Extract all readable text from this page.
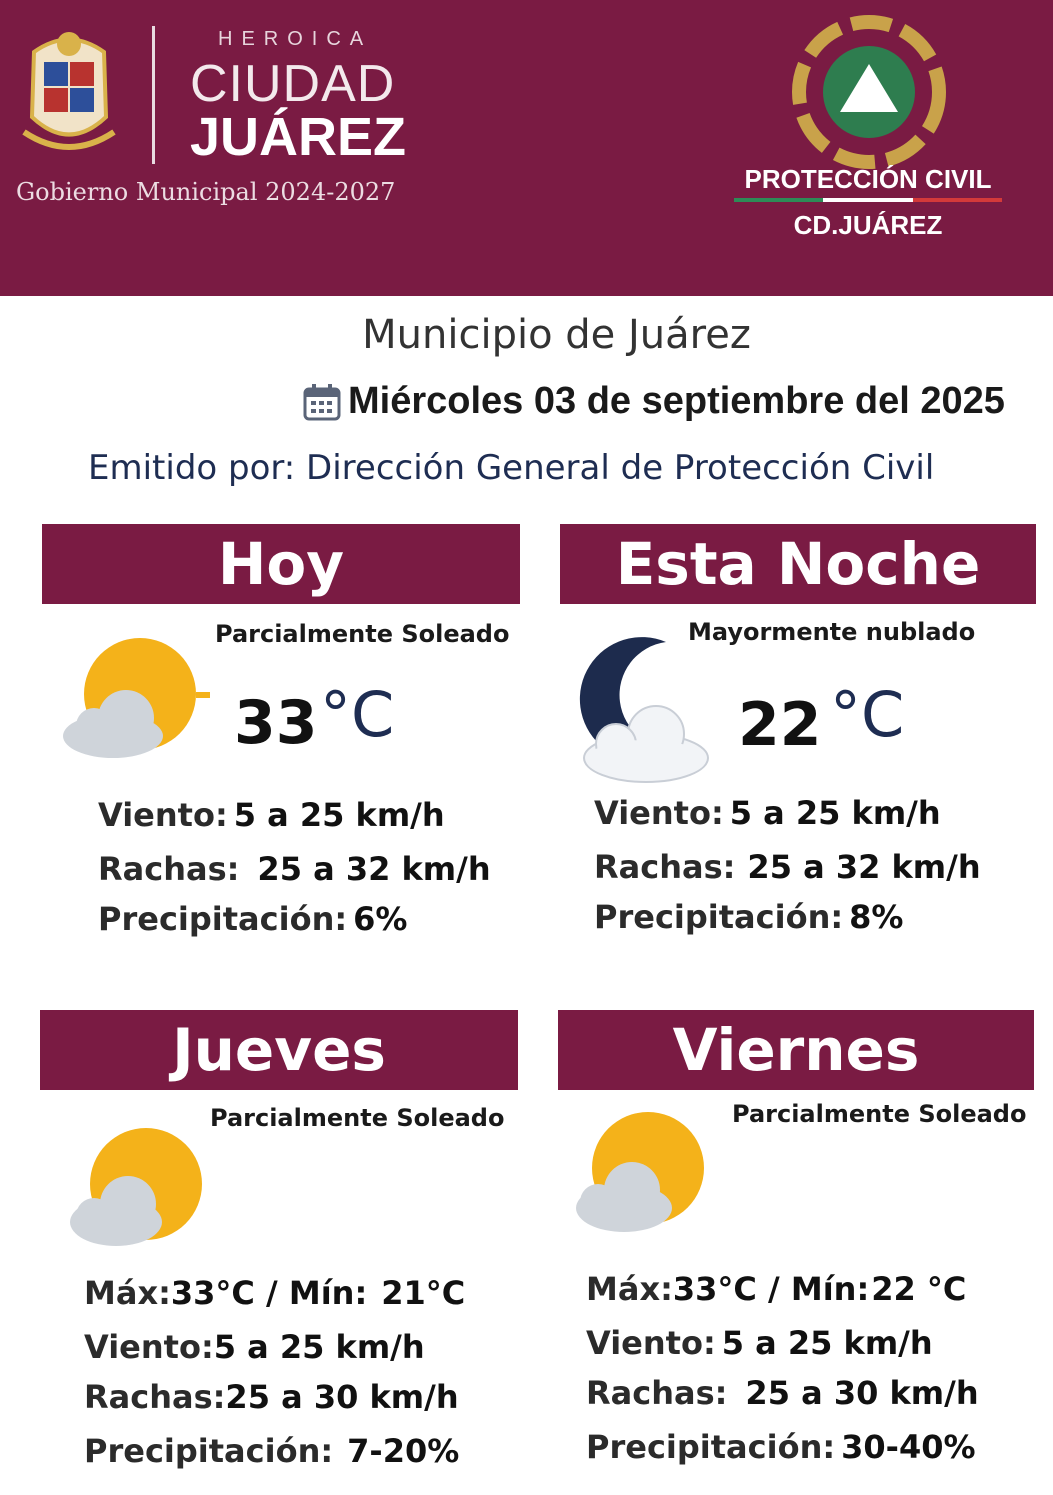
HEROICA
CIUDAD
JUÁREZ
Gobierno Municipal 2024-2027	PROTECCIÓN CIVIL
CD.JUÁREZ
Municipio de Juárez
Miércoles 03 de septiembre del 2025
Emitido por: Dirección General de Protección Civil
Hoy
Parcialmente Soleado
33 °C
Viento: 5 a 25 km/h
Rachas: 25 a 32 km/h
Precipitación: 6%
Esta Noche
Mayormente nublado
22 °C
Viento: 5 a 25 km/h
Rachas: 25 a 32 km/h
Precipitación: 8%
Jueves
Parcialmente Soleado
Máx:33°C / Mín: 21°C
Viento:5 a 25 km/h
Rachas:25 a 30 km/h
Precipitación: 7-20%
Viernes
Parcialmente Soleado
Máx:33°C / Mín:22 °C
Viento: 5 a 25 km/h
Rachas: 25 a 30 km/h
Precipitación: 30-40%
